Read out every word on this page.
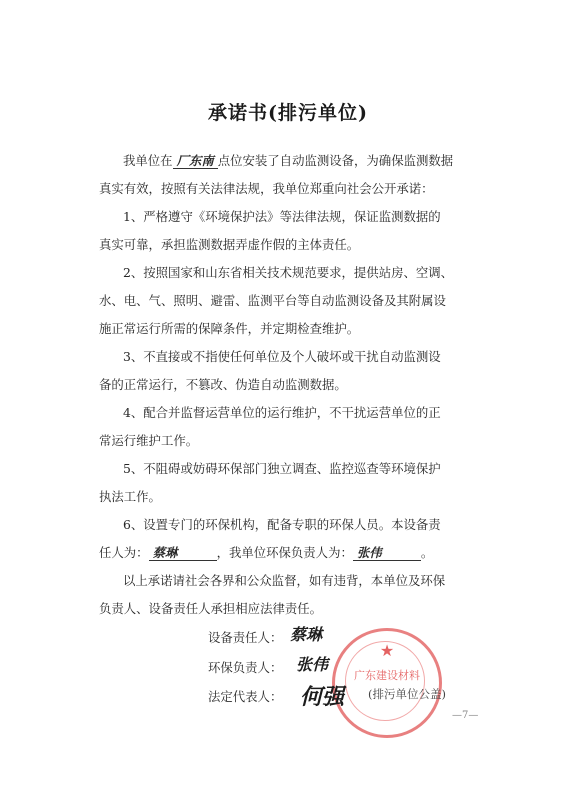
承诺书(排污单位)
我单位在 厂东南 点位安装了自动监测设备，为确保监测数据
真实有效，按照有关法律法规，我单位郑重向社会公开承诺：
1、严格遵守《环境保护法》等法律法规，保证监测数据的
真实可靠，承担监测数据弄虚作假的主体责任。
2、按照国家和山东省相关技术规范要求，提供站房、空调、
水、电、气、照明、避雷、监测平台等自动监测设备及其附属设
施正常运行所需的保障条件，并定期检查维护。
3、不直接或不指使任何单位及个人破坏或干扰自动监测设
备的正常运行，不篡改、伪造自动监测数据。
4、配合并监督运营单位的运行维护，不干扰运营单位的正
常运行维护工作。
5、不阻碍或妨碍环保部门独立调查、监控巡查等环境保护
执法工作。
6、设置专门的环保机构，配备专职的环保人员。本设备责
任人为： 蔡琳	，我单位环保负责人为： 张伟	。
以上承诺请社会各界和公众监督，如有违背，本单位及环保
负责人、设备责任人承担相应法律责任。
★
广东建设材料
设备责任人： 蔡琳
环保负责人： 张伟
法定代表人： 何强 (排污单位公盖)
—7—
